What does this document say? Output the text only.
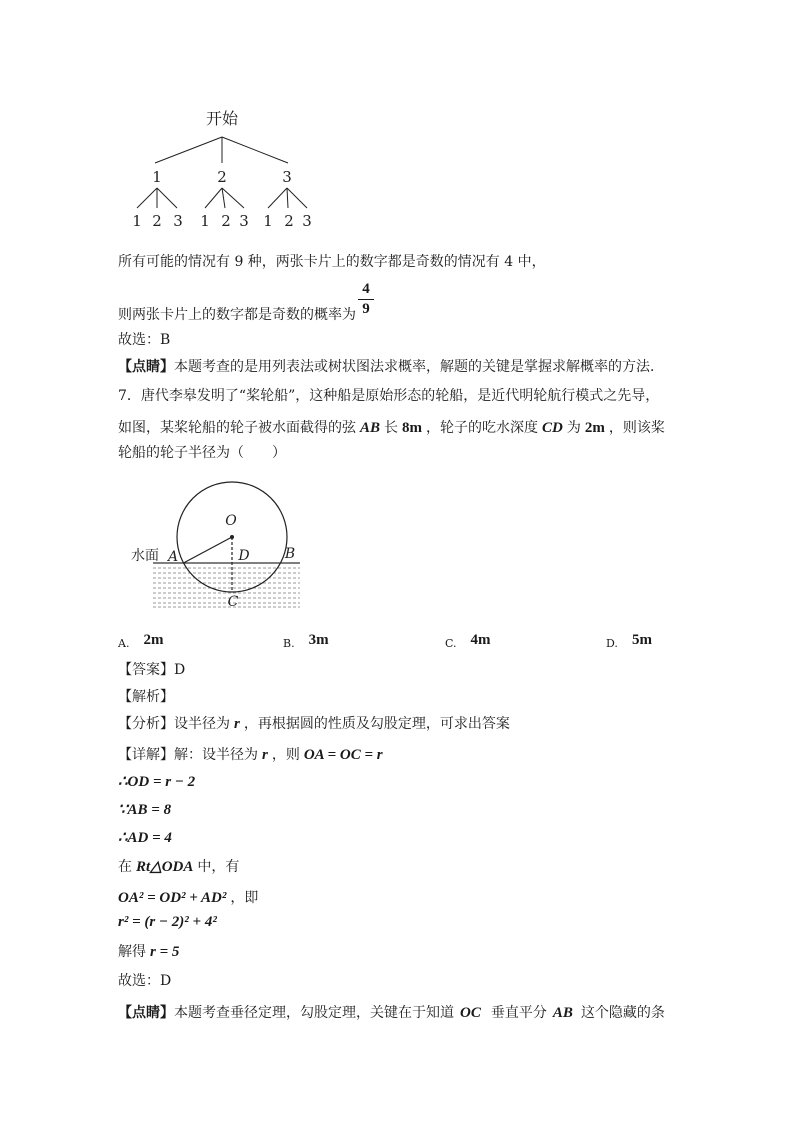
开始
1	2	3
1 2 3 1 2 3 1 2 3
所有可能的情况有 9 种，两张卡片上的数字都是奇数的情况有 4 中，
则两张卡片上的数字都是奇数的概率为
4
9
故选：B
【点睛】本题考查的是用列表法或树状图法求概率，解题的关键是掌握求解概率的方法．
7．唐代李皋发明了“桨轮船”，这种船是原始形态的轮船，是近代明轮航行模式之先导，
如图，某桨轮船的轮子被水面截得的弦 AB 长 8m ，轮子的吃水深度 CD 为 2m ，则该桨
轮船的轮子半径为（　　）
水面
O
A	D	B
C
A. 2m	B. 3m	C. 4m	D. 5m
【答案】D
【解析】
【分析】设半径为 r ，再根据圆的性质及勾股定理，可求出答案
【详解】解：设半径为 r ，则 OA = OC = r
∴OD = r − 2
∵AB = 8
∴AD = 4
在 Rt△ODA 中，有
OA² = OD² + AD² ，即
r² = (r − 2)² + 4²
解得 r = 5
故选：D
【点睛】本题考查垂径定理，勾股定理，关键在于知道 OC 垂直平分 AB 这个隐藏的条
